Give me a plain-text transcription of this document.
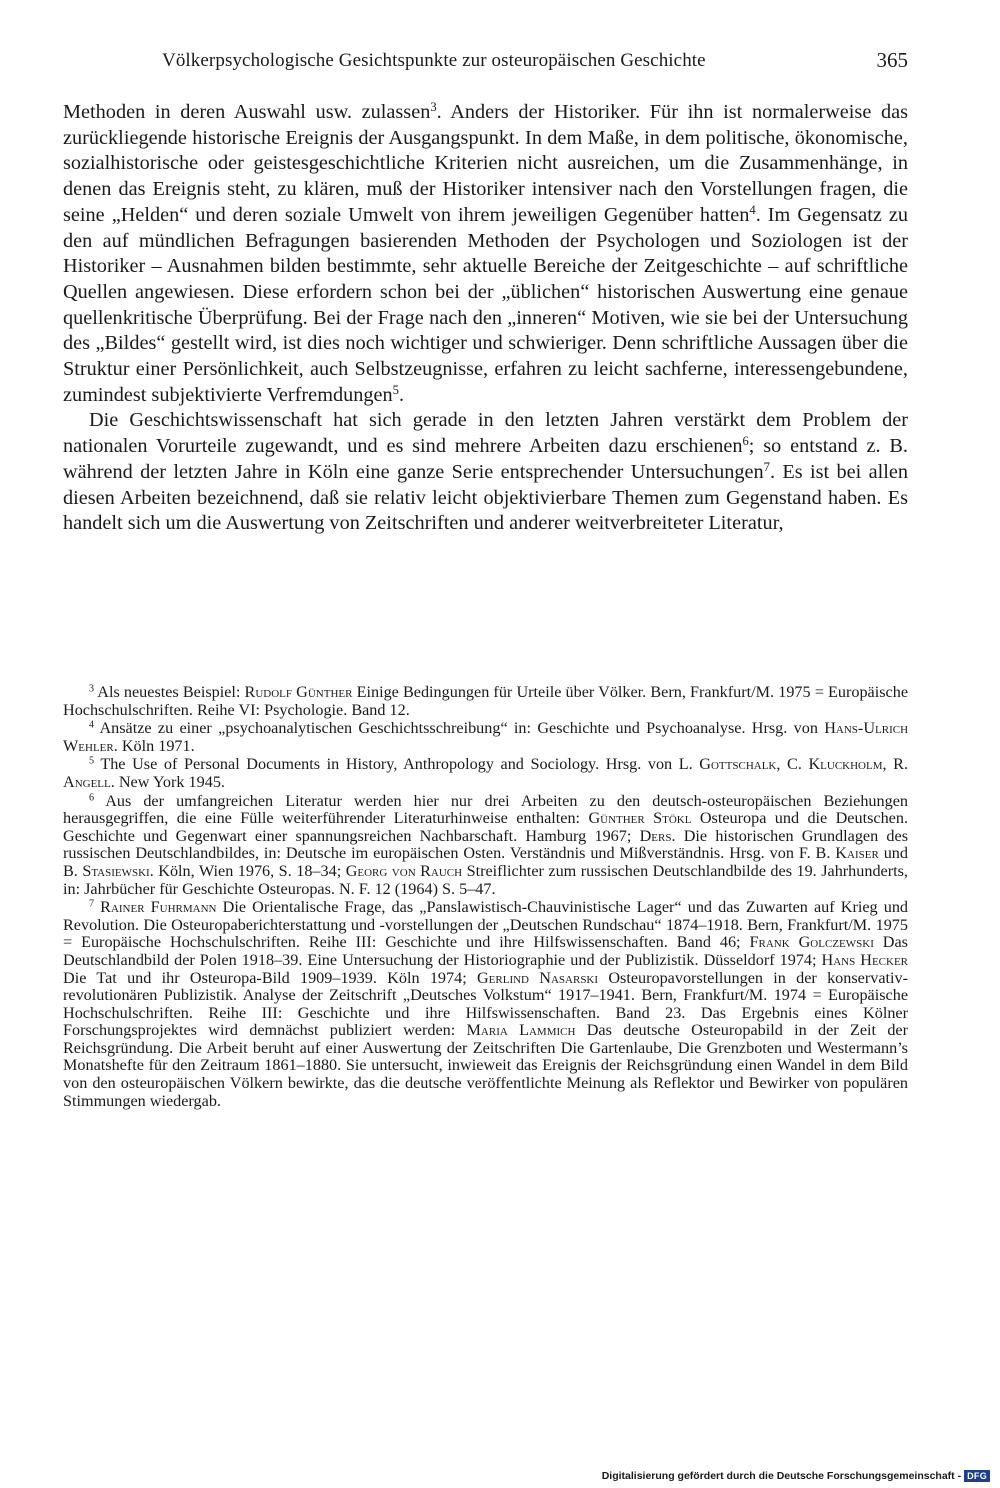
Völkerpsychologische Gesichtspunkte zur osteuropäischen Geschichte	365

Methoden in deren Auswahl usw. zulassen$^3$. Anders der Historiker. Für ihn ist normalerweise das zurückliegende historische Ereignis der Ausgangspunkt. In dem Maße, in dem politische, ökonomische, sozialhistorische oder geistesgeschichtliche Kriterien nicht ausreichen, um die Zusammenhänge, in denen das Ereignis steht, zu klären, muß der Historiker intensiver nach den Vorstellungen fragen, die seine „Helden“ und deren soziale Umwelt von ihrem jeweiligen Gegenüber hatten$^4$. Im Gegensatz zu den auf mündlichen Befragungen basierenden Methoden der Psychologen und Soziologen ist der Historiker – Ausnahmen bilden bestimmte, sehr aktuelle Bereiche der Zeitgeschichte – auf schriftliche Quellen angewiesen. Diese erfordern schon bei der „üblichen“ historischen Auswertung eine genaue quellenkritische Überprüfung. Bei der Frage nach den „inneren“ Motiven, wie sie bei der Untersuchung des „Bildes“ gestellt wird, ist dies noch wichtiger und schwieriger. Denn schriftliche Aussagen über die Struktur einer Persönlichkeit, auch Selbstzeugnisse, erfahren zu leicht sachferne, interessengebundene, zumindest subjektivierte Verfremdungen$^5$.

Die Geschichtswissenschaft hat sich gerade in den letzten Jahren verstärkt dem Problem der nationalen Vorurteile zugewandt, und es sind mehrere Arbeiten dazu erschienen$^6$; so entstand z. B. während der letzten Jahre in Köln eine ganze Serie entsprechender Untersuchungen$^7$. Es ist bei allen diesen Arbeiten bezeichnend, daß sie relativ leicht objektivierbare Themen zum Gegenstand haben. Es handelt sich um die Auswertung von Zeitschriften und anderer weitverbreiteter Literatur,

$^3$ Als neuestes Beispiel: Rudolf Günther Einige Bedingungen für Urteile über Völker. Bern, Frankfurt/M. 1975 = Europäische Hochschulschriften. Reihe VI: Psychologie. Band 12.

$^4$ Ansätze zu einer „psychoanalytischen Geschichtsschreibung“ in: Geschichte und Psychoanalyse. Hrsg. von Hans-Ulrich Wehler. Köln 1971.

$^5$ The Use of Personal Documents in History, Anthropology and Sociology. Hrsg. von L. Gottschalk, C. Kluckholm, R. Angell. New York 1945.

$^6$ Aus der umfangreichen Literatur werden hier nur drei Arbeiten zu den deutsch-osteuropäischen Beziehungen herausgegriffen, die eine Fülle weiterführender Literaturhinweise enthalten: Günther Stökl Osteuropa und die Deutschen. Geschichte und Gegenwart einer spannungsreichen Nachbarschaft. Hamburg 1967; Ders. Die historischen Grundlagen des russischen Deutschlandbildes, in: Deutsche im europäischen Osten. Verständnis und Mißverständnis. Hrsg. von F. B. Kaiser und B. Stasiewski. Köln, Wien 1976, S. 18–34; Georg von Rauch Streiflichter zum russischen Deutschlandbilde des 19. Jahrhunderts, in: Jahrbücher für Geschichte Osteuropas. N. F. 12 (1964) S. 5–47.

$^7$ Rainer Fuhrmann Die Orientalische Frage, das „Panslawistisch-Chauvinistische Lager“ und das Zuwarten auf Krieg und Revolution. Die Osteuropaberichterstattung und -vorstellungen der „Deutschen Rundschau“ 1874–1918. Bern, Frankfurt/M. 1975 = Europäische Hochschulschriften. Reihe III: Geschichte und ihre Hilfswissenschaften. Band 46; Frank Golczewski Das Deutschlandbild der Polen 1918–39. Eine Untersuchung der Historiographie und der Publizistik. Düsseldorf 1974; Hans Hecker Die Tat und ihr Osteuropa-Bild 1909–1939. Köln 1974; Gerlind Nasarski Osteuropavorstellungen in der konservativ-revolutionären Publizistik. Analyse der Zeitschrift „Deutsches Volkstum“ 1917–1941. Bern, Frankfurt/M. 1974 = Europäische Hochschulschriften. Reihe III: Geschichte und ihre Hilfswissenschaften. Band 23. Das Ergebnis eines Kölner Forschungsprojektes wird demnächst publiziert werden: Maria Lammich Das deutsche Osteuropabild in der Zeit der Reichsgründung. Die Arbeit beruht auf einer Auswertung der Zeitschriften Die Gartenlaube, Die Grenzboten und Westermann’s Monatshefte für den Zeitraum 1861–1880. Sie untersucht, inwieweit das Ereignis der Reichsgründung einen Wandel in dem Bild von den osteuropäischen Völkern bewirkte, das die deutsche veröffentlichte Meinung als Reflektor und Bewirker von populären Stimmungen wiedergab.

Digitalisierung gefördert durch die Deutsche Forschungsgemeinschaft - DFG
